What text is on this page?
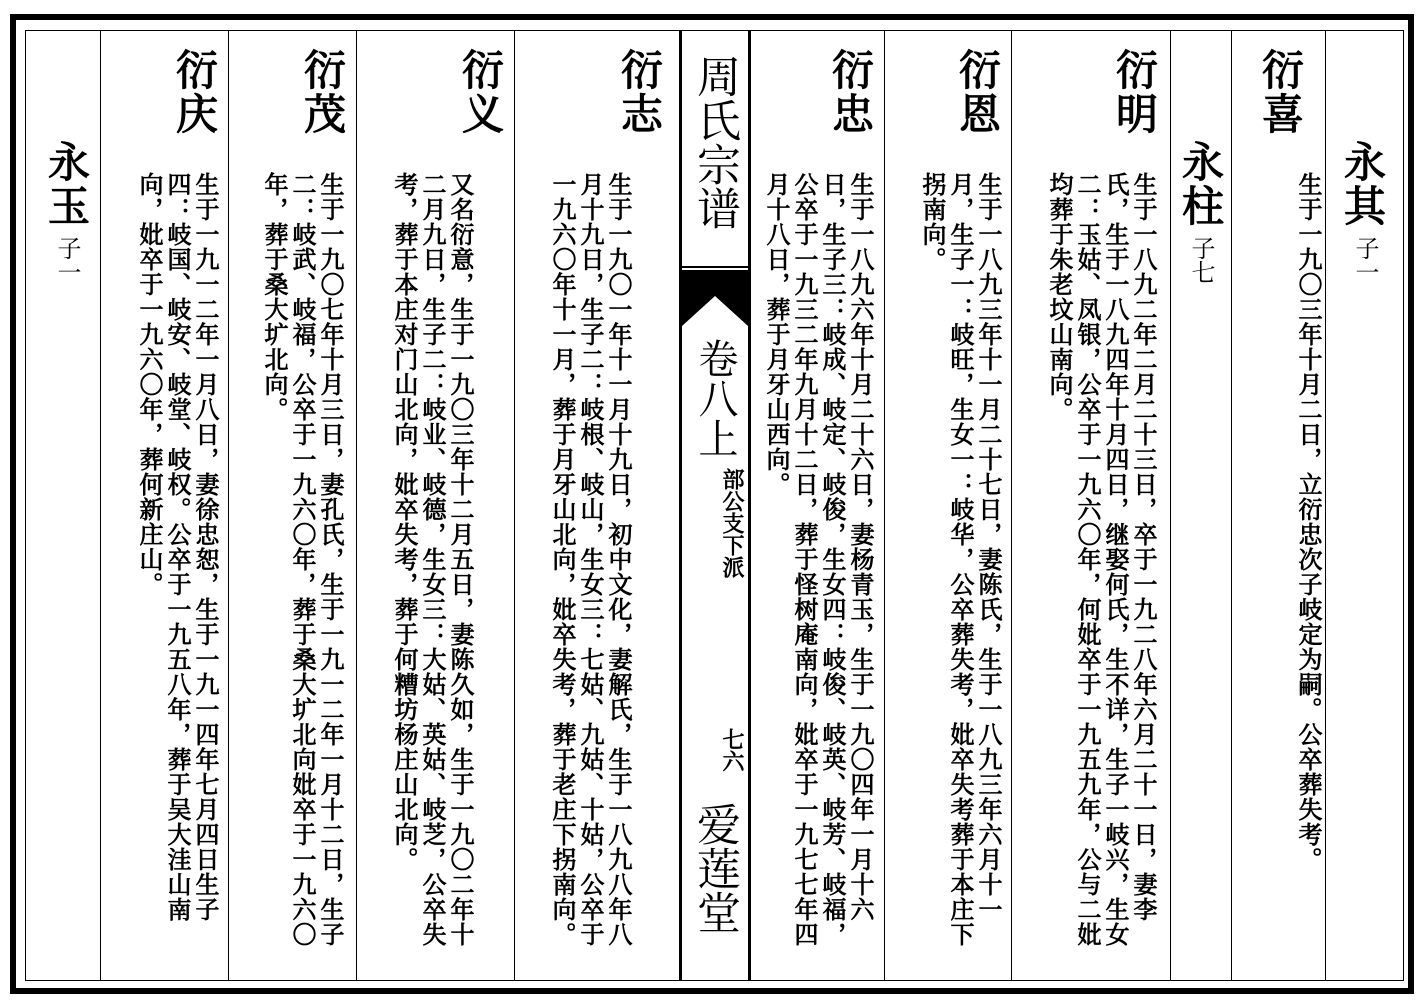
永其
子一
衍喜
生于一九〇三年十月二日，立衍忠次子岐定为嗣。公卒葬失考。
永柱
子七
衍明
生于一八九二年二月二十三日，卒于一九二八年六月二十一日，妻李氏，生于一八九四年十月四日，继娶何氏，生不详，生子一岐兴，生女二：玉姑、凤银，公卒于一九六〇年，何妣卒于一九五九年，公与二妣均葬于朱老坟山南向。
衍恩
生于一八九三年十一月二十七日，妻陈氏，生于一八九三年六月十一月，生子一：岐旺，生女一：岐华，公卒葬失考，妣卒失考葬于本庄下拐南向。
衍忠
生于一八九六年十月二十六日，妻杨青玉，生于一九〇四年一月十六日，生子三：岐成、岐定、岐俊，生女四：岐俊、岐英、岐芳、岐福，公卒于一九三二年九月十二日，葬于怪树庵南向，妣卒于一九七七年四月十八日，葬于月牙山西向。
周氏宗谱
卷八上
部公支下派
七六
爱莲堂
衍志
生于一九〇一年十一月十九日，初中文化，妻解氏，生于一八九八年八月十九日，生子二：岐根、岐山，生女三：七姑、九姑、十姑，公卒于一九六〇年十一月，葬于月牙山北向，妣卒失考，葬于老庄下拐南向。
衍义
又名衍意，生于一九〇三年十二月五日，妻陈久如，生于一九〇二年十二月九日，生子二：岐业、岐德，生女三：大姑、英姑、岐芝，公卒失考，葬于本庄对门山北向，妣卒失考，葬于何糟坊杨庄山北向。
衍茂
生于一九〇七年十月三日，妻孔氏，生于一九一二年一月十二日，生子二：岐武、岐福，公卒于一九六〇年，葬于桑大圹北向妣卒于一九六〇年，葬于桑大圹北向。
衍庆
生于一九一二年一月八日，妻徐忠恕，生于一九一四年七月四日生子四：岐国、岐安、岐堂、岐权。公卒于一九五八年，葬于吴大洼山南向，妣卒于一九六〇年，葬何新庄山。
永玉
子一
